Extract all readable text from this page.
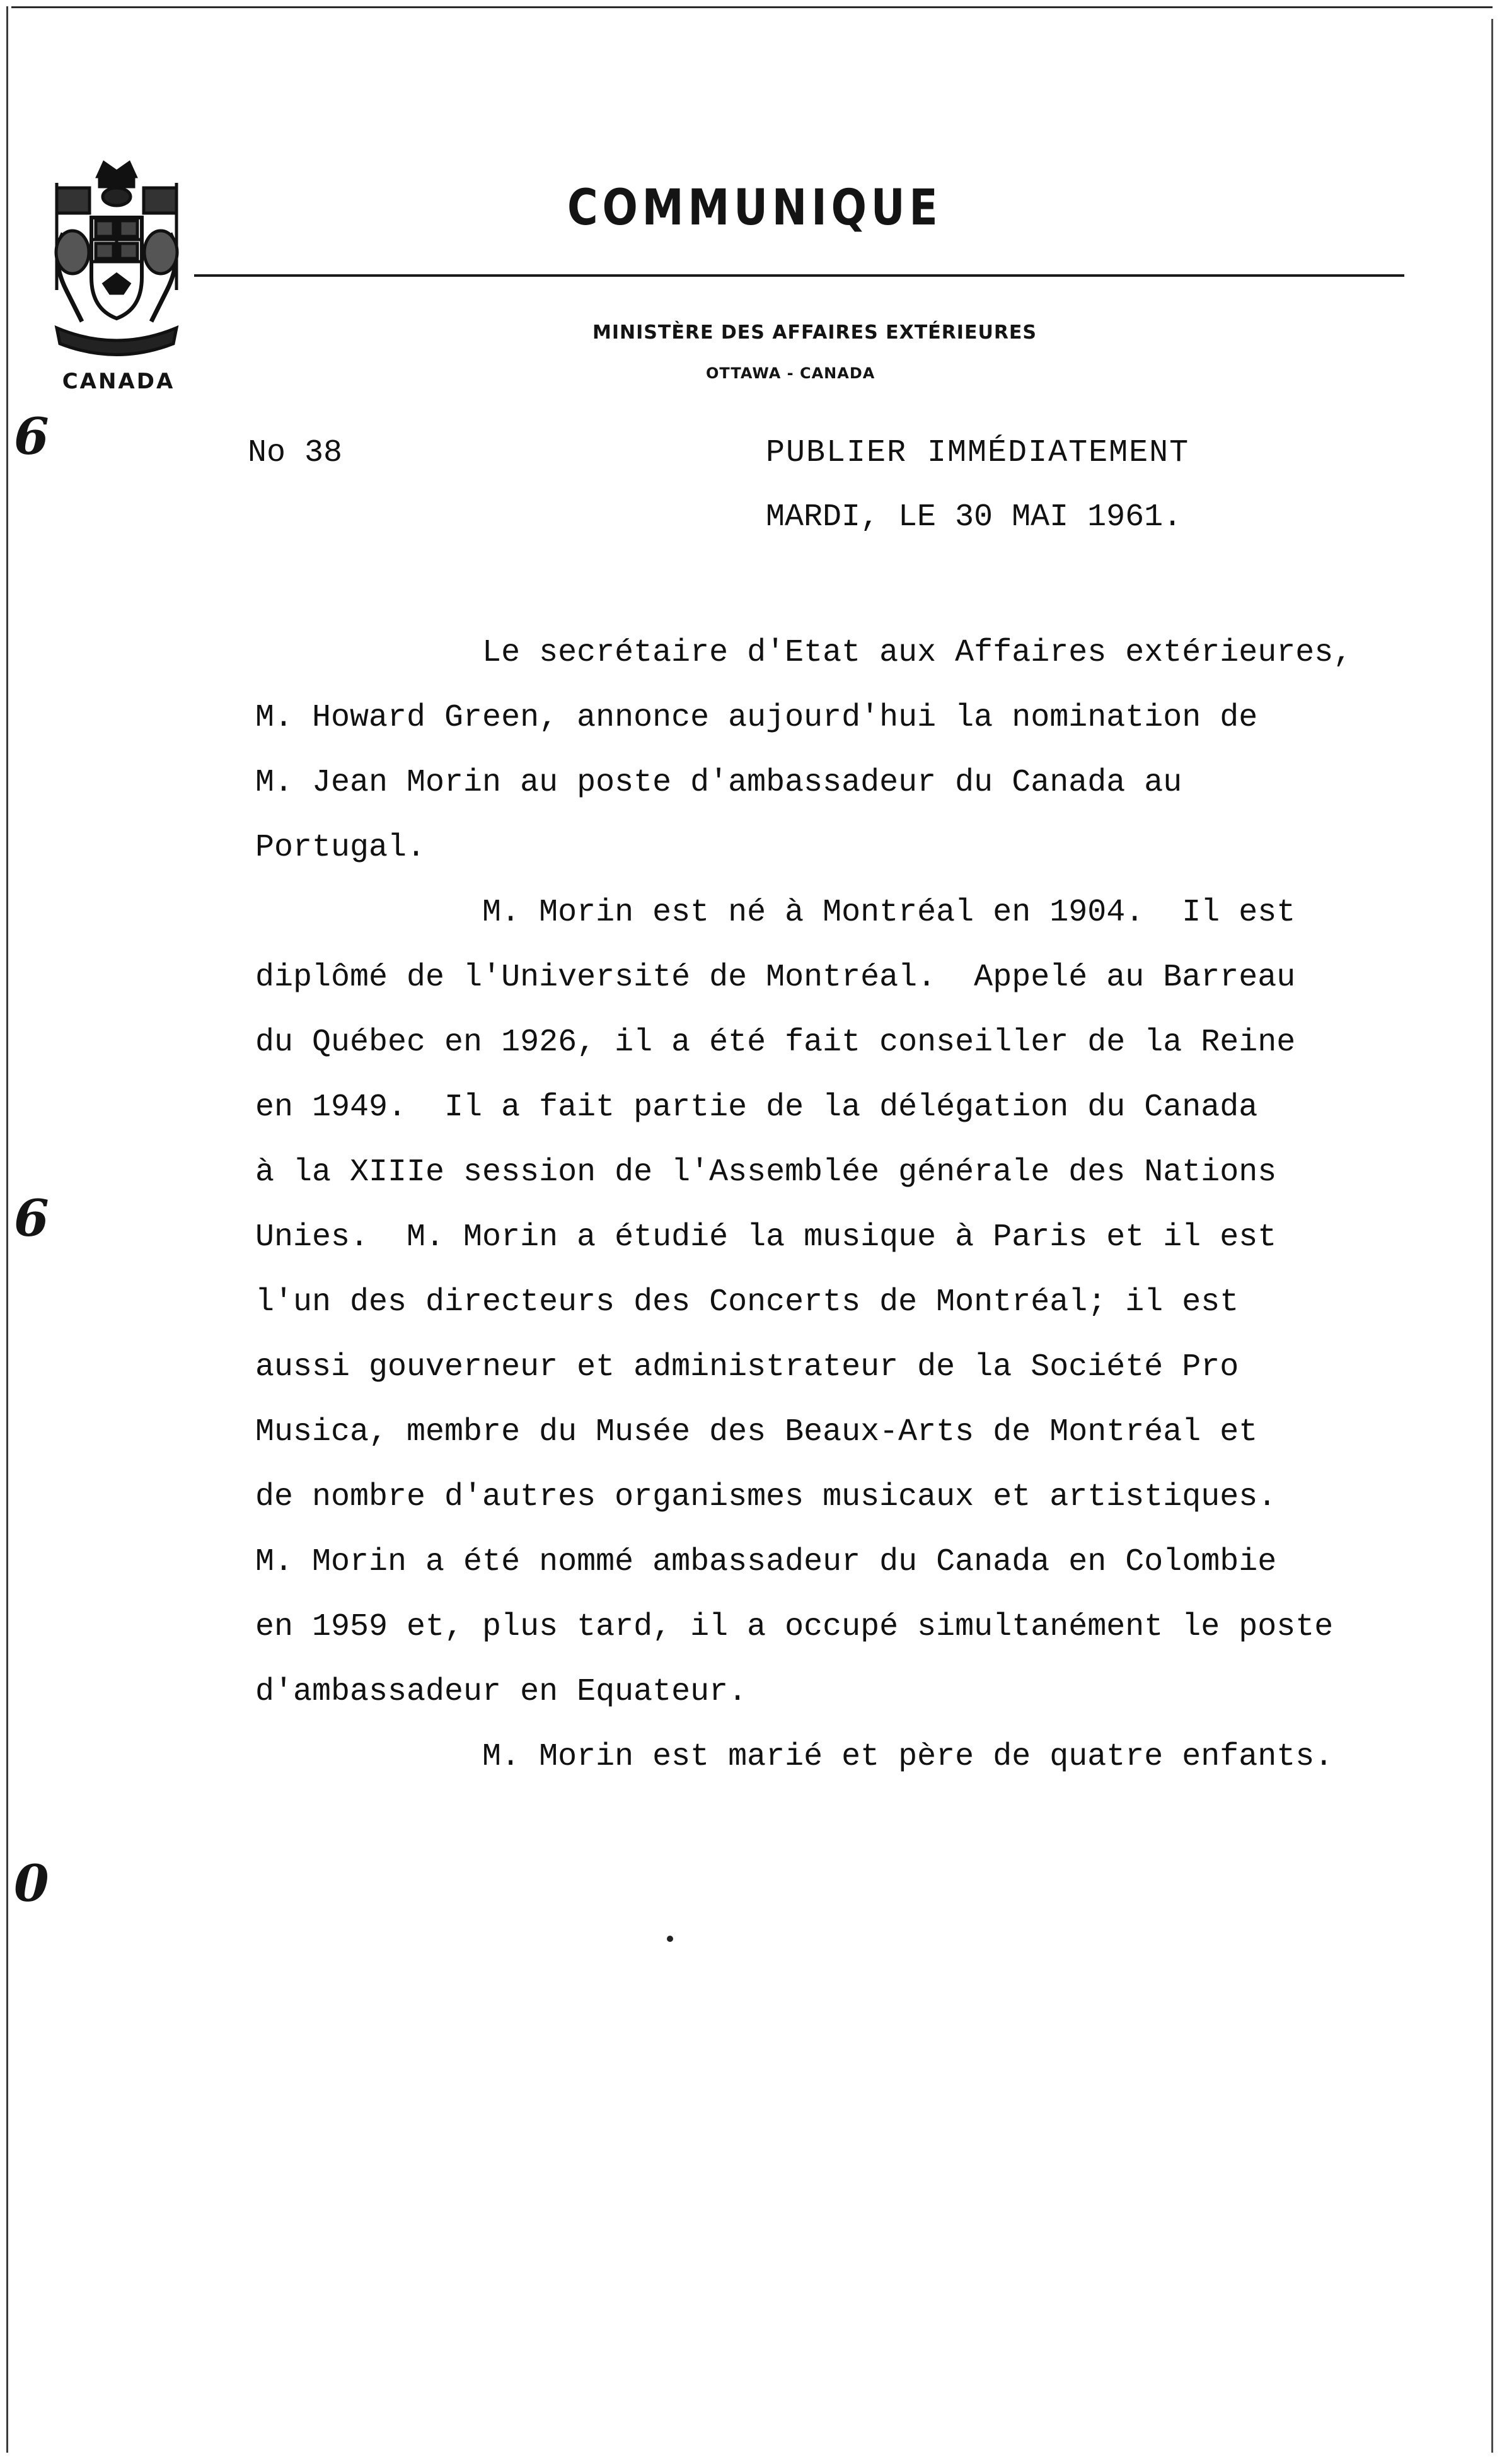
CANADA
COMMUNIQUE
MINISTÈRE DES AFFAIRES EXTÉRIEURES
OTTAWA - CANADA
6
6
0
No 38	PUBLIER IMMÉDIATEMENT
MARDI, LE 30 MAI 1961.
Le secrétaire d'Etat aux Affaires extérieures,
M. Howard Green, annonce aujourd'hui la nomination de
M. Jean Morin au poste d'ambassadeur du Canada au
Portugal.
M. Morin est né à Montréal en 1904.  Il est
diplômé de l'Université de Montréal.  Appelé au Barreau
du Québec en 1926, il a été fait conseiller de la Reine
en 1949.  Il a fait partie de la délégation du Canada
à la XIIIe session de l'Assemblée générale des Nations
Unies.  M. Morin a étudié la musique à Paris et il est
l'un des directeurs des Concerts de Montréal; il est
aussi gouverneur et administrateur de la Société Pro
Musica, membre du Musée des Beaux-Arts de Montréal et
de nombre d'autres organismes musicaux et artistiques.
M. Morin a été nommé ambassadeur du Canada en Colombie
en 1959 et, plus tard, il a occupé simultanément le poste
d'ambassadeur en Equateur.
M. Morin est marié et père de quatre enfants.
